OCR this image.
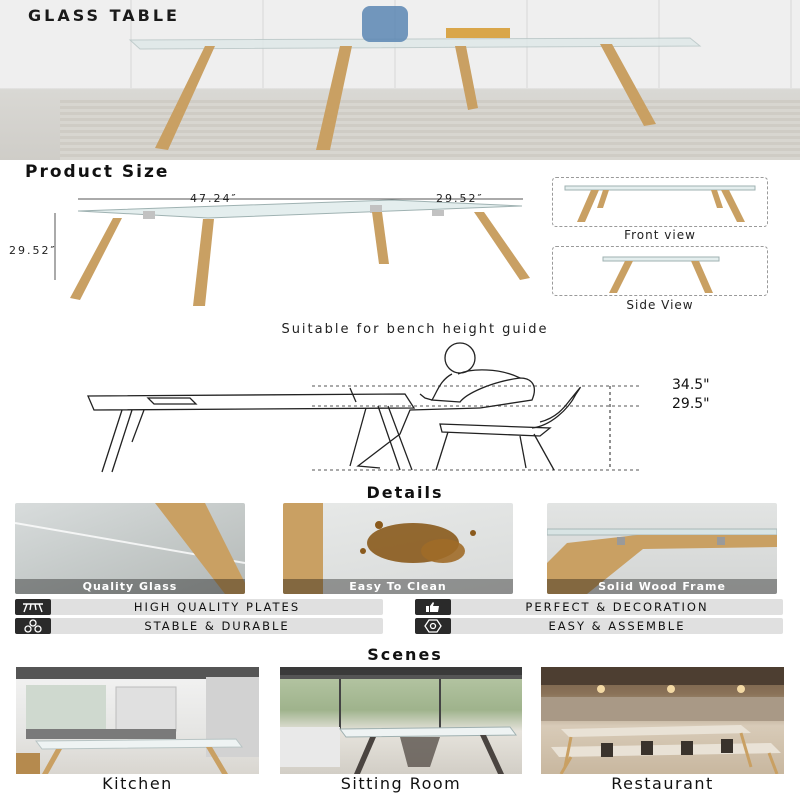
GLASS TABLE
Product Size
47.24″	29.52″
29.52″
Front view
Side View
Suitable for bench height guide
34.5"
29.5"
Details
Quality Glass	Easy To Clean	Solid Wood Frame
HIGH QUALITY PLATES	PERFECT & DECORATION
STABLE & DURABLE	EASY & ASSEMBLE
Scenes
Kitchen	Sitting Room	Restaurant
